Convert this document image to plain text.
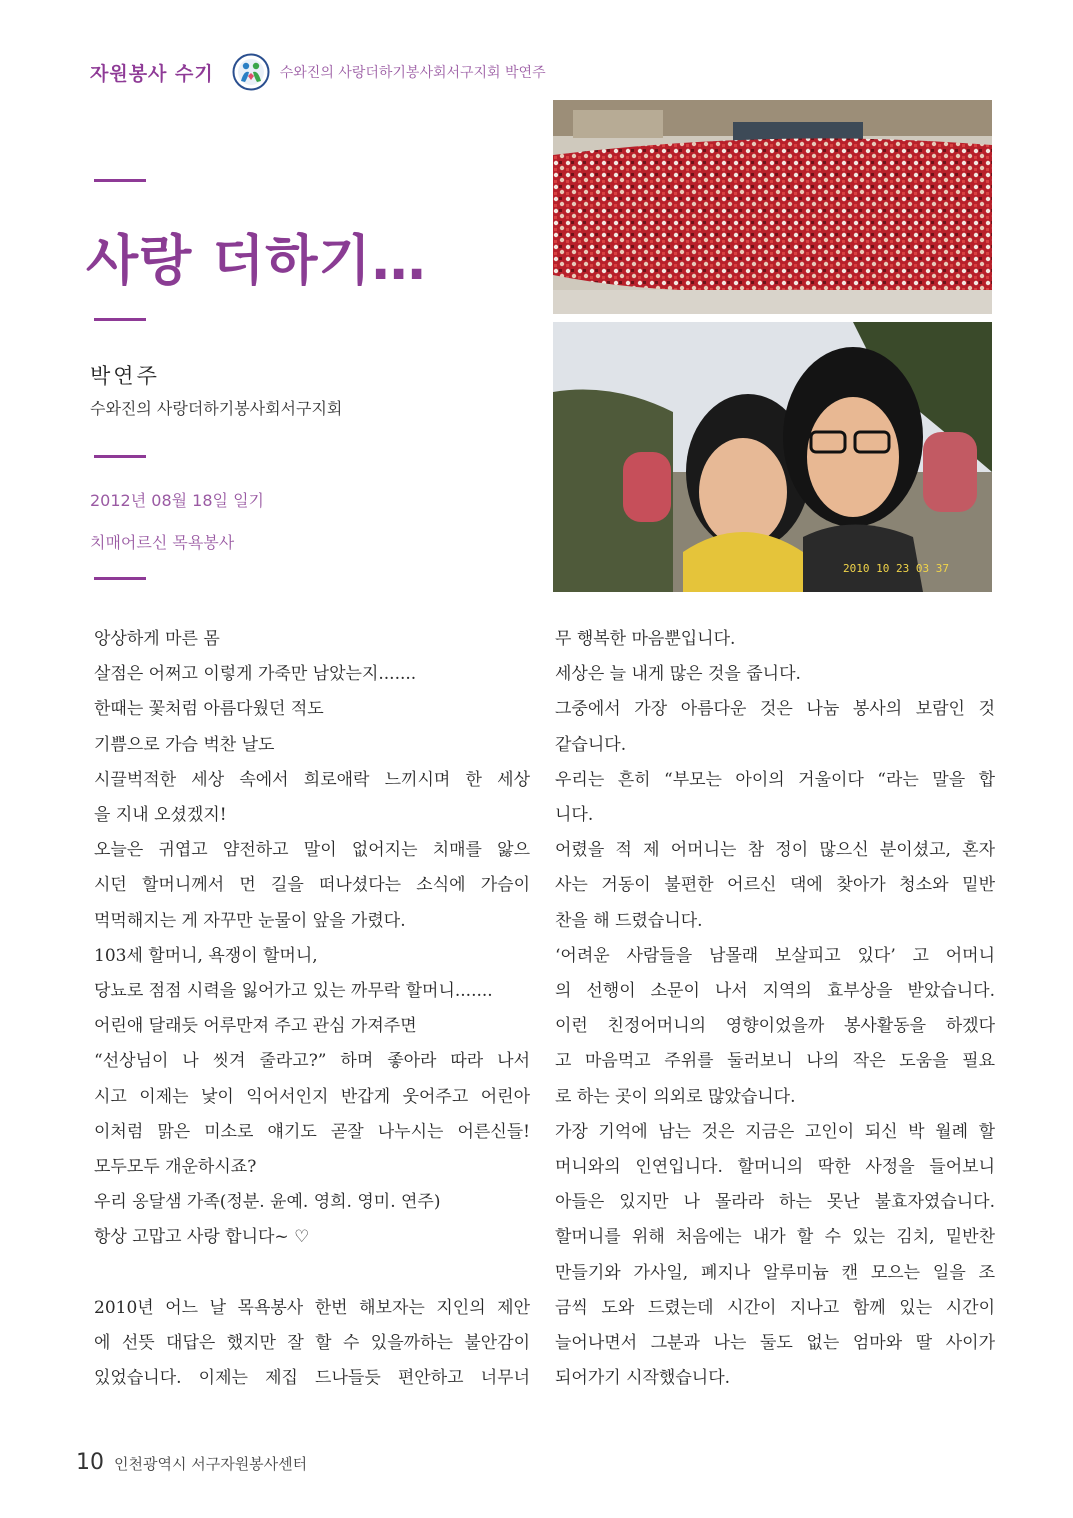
자원봉사 수기	수와진의 사랑더하기봉사회서구지회 박연주
사랑 더하기…
박연주
수와진의 사랑더하기봉사회서구지회
2012년 08월 18일 일기
치매어르신 목욕봉사
2010 10 23 03 37

앙상하게 마른 몸

살점은 어쩌고 이렇게 가죽만 남았는지.......

한때는 꽃처럼 아름다웠던 적도

기쁨으로 가슴 벅찬 날도

시끌벅적한 세상 속에서 희로애락 느끼시며 한 세상

을 지내 오셨겠지!

오늘은 귀엽고 얌전하고 말이 없어지는 치매를 앓으

시던 할머니께서 먼 길을 떠나셨다는 소식에 가슴이

먹먹해지는 게 자꾸만 눈물이 앞을 가렸다.

103세 할머니, 욕쟁이 할머니,

당뇨로 점점 시력을 잃어가고 있는 까무락 할머니.......

어린애 달래듯 어루만져 주고 관심 가져주면

“선상님이 나 씻겨 줄라고?” 하며 좋아라 따라 나서

시고 이제는 낯이 익어서인지 반갑게 웃어주고 어린아

이처럼 맑은 미소로 얘기도 곧잘 나누시는 어른신들!

모두모두 개운하시죠?

우리 옹달샘 가족(정분. 윤예. 영희. 영미. 연주)

항상 고맙고 사랑 합니다~ ♡

2010년 어느 날 목욕봉사 한번 해보자는 지인의 제안

에 선뜻 대답은 했지만 잘 할 수 있을까하는 불안감이

있었습니다. 이제는 제집 드나들듯 편안하고 너무너

무 행복한 마음뿐입니다.

세상은 늘 내게 많은 것을 줍니다.

그중에서 가장 아름다운 것은 나눔 봉사의 보람인 것

같습니다.

우리는 흔히 “부모는 아이의 거울이다 “라는 말을 합

니다.

어렸을 적 제 어머니는 참 정이 많으신 분이셨고, 혼자

사는 거동이 불편한 어르신 댁에 찾아가 청소와 밑반

찬을 해 드렸습니다.

‘어려운 사람들을 남몰래 보살피고 있다’ 고 어머니

의 선행이 소문이 나서 지역의 효부상을 받았습니다.

이런 친정어머니의 영향이었을까 봉사활동을 하겠다

고 마음먹고 주위를 둘러보니 나의 작은 도움을 필요

로 하는 곳이 의외로 많았습니다.

가장 기억에 남는 것은 지금은 고인이 되신 박 월례 할

머니와의 인연입니다. 할머니의 딱한 사정을 들어보니

아들은 있지만 나 몰라라 하는 못난 불효자였습니다.

할머니를 위해 처음에는 내가 할 수 있는 김치, 밑반찬

만들기와 가사일, 폐지나 알루미늄 캔 모으는 일을 조

금씩 도와 드렸는데 시간이 지나고 함께 있는 시간이

늘어나면서 그분과 나는 둘도 없는 엄마와 딸 사이가

되어가기 시작했습니다.

10 인천광역시 서구자원봉사센터
